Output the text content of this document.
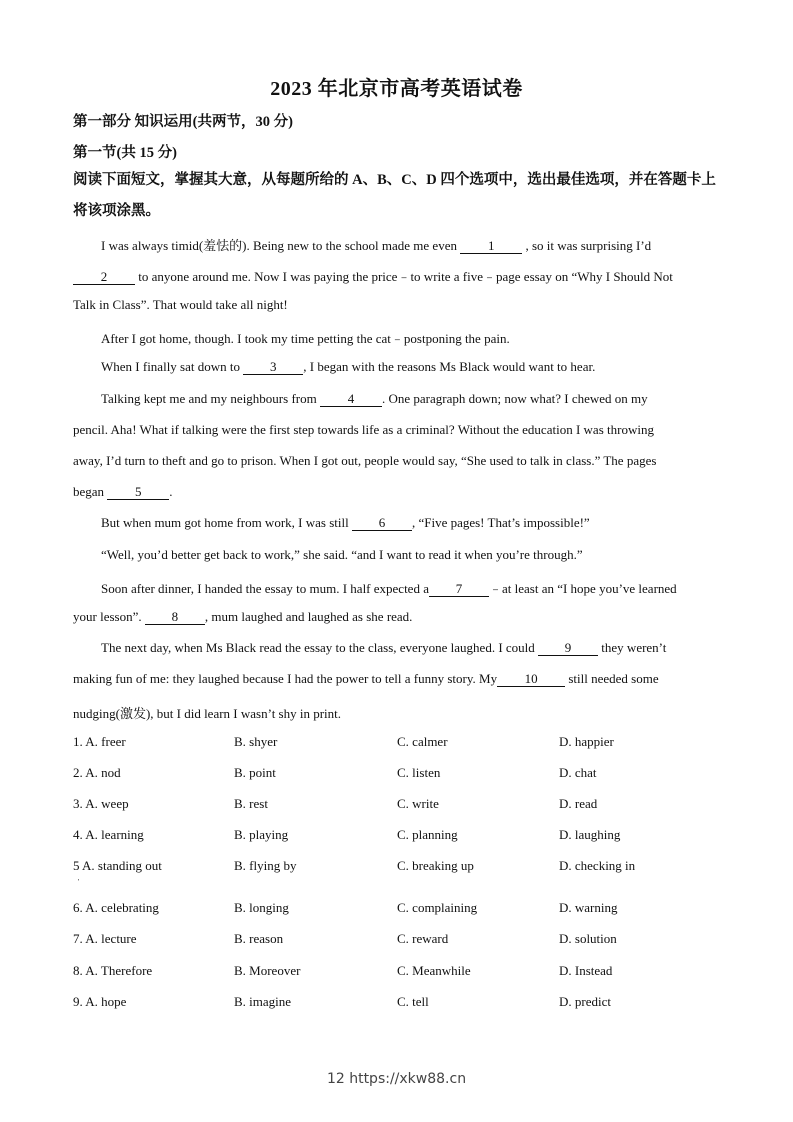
2023 年北京市高考英语试卷
第一部分 知识运用(共两节，30 分)
第一节(共 15 分)
阅读下面短文，掌握其大意，从每题所给的 A、B、C、D 四个选项中，选出最佳选项，并在答题卡上将该项涂黑。
I was always timid(羞怯的). Being new to the school made me even 1 , so it was surprising I’d
2 to anyone around me. Now I was paying the price﹣to write a five﹣page essay on “Why I Should Not
Talk in Class”. That would take all night!
After I got home, though. I took my time petting the cat﹣postponing the pain.
When I finally sat down to 3 , I began with the reasons Ms Black would want to hear.
Talking kept me and my neighbours from 4 . One paragraph down; now what? I chewed on my
pencil. Aha! What if talking were the first step towards life as a criminal? Without the education I was throwing
away, I’d turn to theft and go to prison. When I got out, people would say, “She used to talk in class.” The pages
began 5 .
But when mum got home from work, I was still 6 , “Five pages! That’s impossible!”
“Well, you’d better get back to work,” she said. “and I want to read it when you’re through.”
Soon after dinner, I handed the essay to mum. I half expected a 7 ﹣at least an “I hope you’ve learned
your lesson”. 8 , mum laughed and laughed as she read.
The next day, when Ms Black read the essay to the class, everyone laughed. I could 9 they weren’t
making fun of me: they laughed because I had the power to tell a funny story. My 10 still needed some
nudging(激发), but I did learn I wasn’t shy in print.
1. A. freer	B. shyer	C. calmer	D. happier
2. A. nod	B. point	C. listen	D. chat
3. A. weep	B. rest	C. write	D. read
4. A. learning	B. playing	C. planning	D. laughing
5 A. standing out	B. flying by	C. breaking up	D. checking in
'
6. A. celebrating	B. longing	C. complaining	D. warning
7. A. lecture	B. reason	C. reward	D. solution
8. A. Therefore	B. Moreover	C. Meanwhile	D. Instead
9. A. hope	B. imagine	C. tell	D. predict
12 https://xkw88.cn
